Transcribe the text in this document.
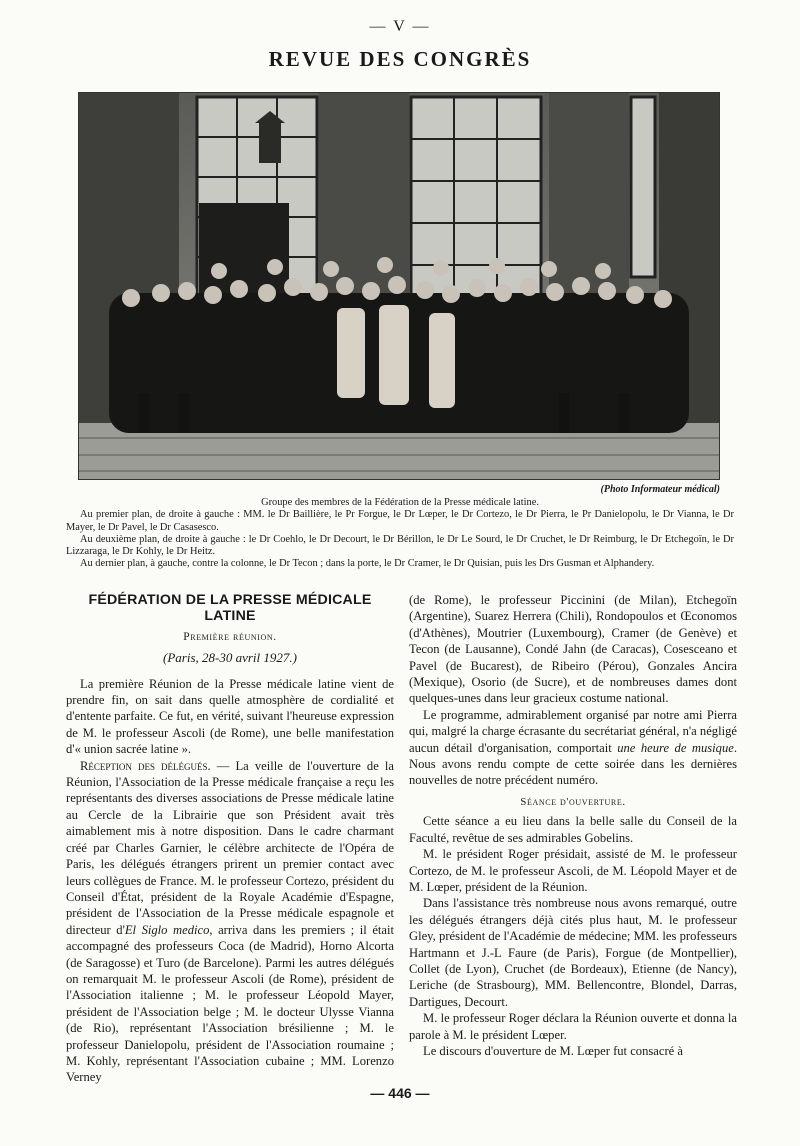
— V —
REVUE DES CONGRÈS
(Photo Informateur médical)

Groupe des membres de la Fédération de la Presse médicale latine.

Au premier plan, de droite à gauche : MM. le Dr Baillière, le Pr Forgue, le Dr Lœper, le Dr Cortezo, le Dr Pierra, le Pr Danielopolu, le Dr Vianna, le Dr Mayer, le Dr Pavel, le Dr Casasesco.

Au deuxième plan, de droite à gauche : le Dr Coehlo, le Dr Decourt, le Dr Bérillon, le Dr Le Sourd, le Dr Cruchet, le Dr Reimburg, le Dr Etchegoïn, le Dr Lizzaraga, le Dr Kohly, le Dr Heitz.

Au dernier plan, à gauche, contre la colonne, le Dr Tecon ; dans la porte, le Dr Cramer, le Dr Quisian, puis les Drs Gusman et Alphandery.

FÉDÉRATION DE LA PRESSE MÉDICALE LATINE

Première réunion.

(Paris, 28-30 avril 1927.)

La première Réunion de la Presse médicale latine vient de prendre fin, on sait dans quelle atmosphère de cordialité et d'entente parfaite. Ce fut, en vérité, suivant l'heureuse expression de M. le professeur Ascoli (de Rome), une belle manifestation d'« union sacrée latine ».

Réception des délégués. — La veille de l'ouverture de la Réunion, l'Association de la Presse médicale française a reçu les représentants des diverses associations de Presse médicale latine au Cercle de la Librairie que son Président avait très aimablement mis à notre disposition. Dans le cadre charmant créé par Charles Garnier, le célèbre architecte de l'Opéra de Paris, les délégués étrangers prirent un premier contact avec leurs collègues de France. M. le professeur Cortezo, président du Conseil d'État, président de la Royale Académie d'Espagne, président de l'Association de la Presse médicale espagnole et directeur d'El Siglo medico, arriva dans les premiers ; il était accompagné des professeurs Coca (de Madrid), Horno Alcorta (de Saragosse) et Turo (de Barcelone). Parmi les autres délégués on remarquait M. le professeur Ascoli (de Rome), président de l'Association italienne ; M. le professeur Léopold Mayer, président de l'Association belge ; M. le docteur Ulysse Vianna (de Rio), représentant l'Association brésilienne ; M. le professeur Danielopolu, président de l'Association roumaine ; M. Kohly, représentant l'Association cubaine ; MM. Lorenzo Verney

(de Rome), le professeur Piccinini (de Milan), Etchegoïn (Argentine), Suarez Herrera (Chili), Rondopoulos et Œconomos (d'Athènes), Moutrier (Luxembourg), Cramer (de Genève) et Tecon (de Lausanne), Condé Jahn (de Caracas), Cosesceano et Pavel (de Bucarest), de Ribeiro (Pérou), Gonzales Ancira (Mexique), Osorio (de Sucre), et de nombreuses dames dont quelques-unes dans leur gracieux costume national.

Le programme, admirablement organisé par notre ami Pierra qui, malgré la charge écrasante du secrétariat général, n'a négligé aucun détail d'organisation, comportait une heure de musique. Nous avons rendu compte de cette soirée dans les dernières nouvelles de notre précédent numéro.

Séance d'ouverture.

Cette séance a eu lieu dans la belle salle du Conseil de la Faculté, revêtue de ses admirables Gobelins.

M. le président Roger présidait, assisté de M. le professeur Cortezo, de M. le professeur Ascoli, de M. Léopold Mayer et de M. Lœper, président de la Réunion.

Dans l'assistance très nombreuse nous avons remarqué, outre les délégués étrangers déjà cités plus haut, M. le professeur Gley, président de l'Académie de médecine; MM. les professeurs Hartmann et J.-L Faure (de Paris), Forgue (de Montpellier), Collet (de Lyon), Cruchet (de Bordeaux), Etienne (de Nancy), Leriche (de Strasbourg), MM. Bellencontre, Blondel, Darras, Dartigues, Decourt.

M. le professeur Roger déclara la Réunion ouverte et donna la parole à M. le président Lœper.

Le discours d'ouverture de M. Lœper fut consacré à

— 446 —
